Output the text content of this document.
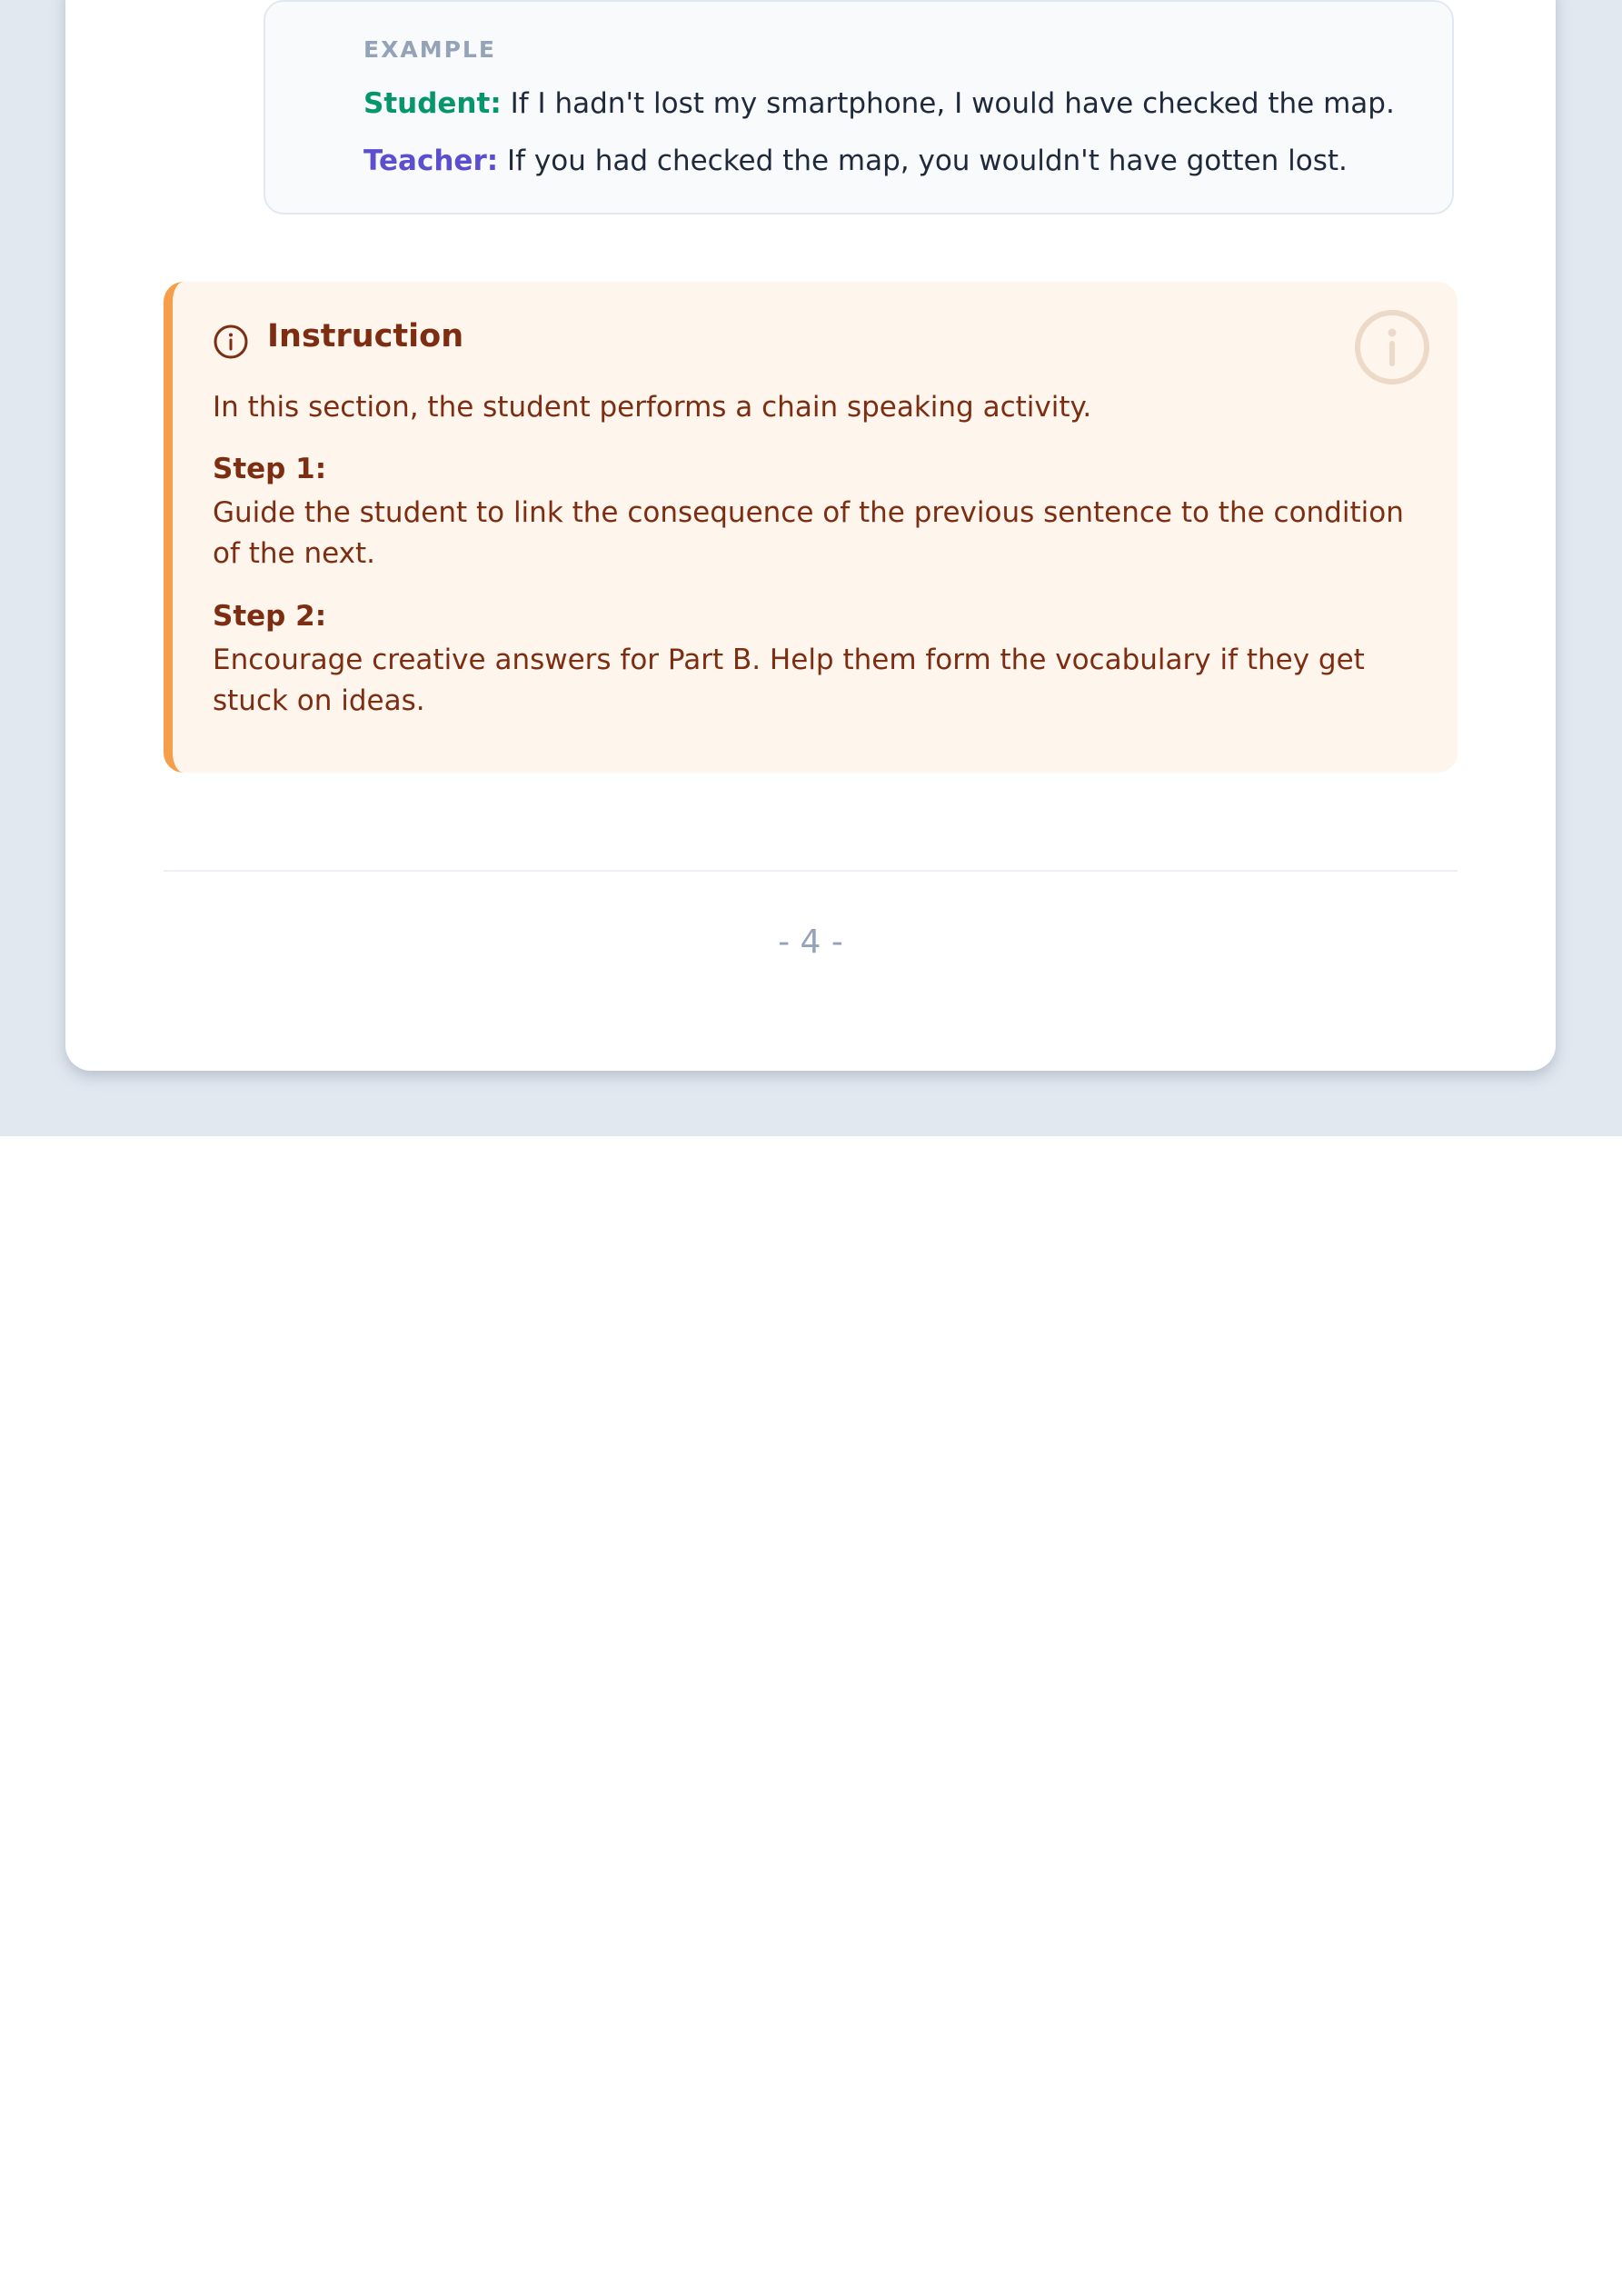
EXAMPLE
Student: If I hadn't lost my smartphone, I would have checked the map.
Teacher: If you had checked the map, you wouldn't have gotten lost.
Instruction
In this section, the student performs a chain speaking activity.
Step 1:
Guide the student to link the consequence of the previous sentence to the condition of the next.
Step 2:
Encourage creative answers for Part B. Help them form the vocabulary if they get stuck on ideas.
- 4 -
